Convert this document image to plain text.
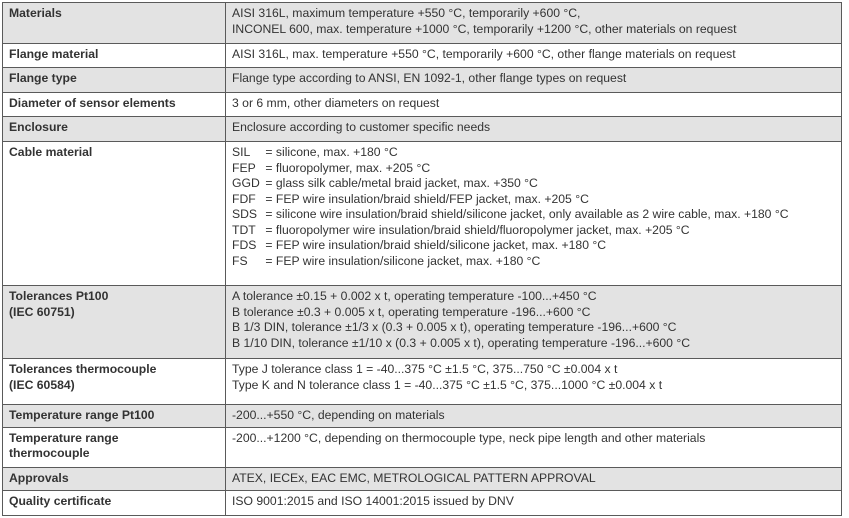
Materials	AISI 316L, maximum temperature +550 °C, temporarily +600 °C,
INCONEL 600, max. temperature +1000 °C, temporarily +1200 °C, other materials on request

Flange material	AISI 316L, max. temperature +550 °C, temporarily +600 °C, other flange materials on request

Flange type	Flange type according to ANSI, EN 1092-1, other flange types on request

Diameter of sensor elements	3 or 6 mm, other diameters on request

Enclosure	Enclosure according to customer specific needs

Cable material	SIL = silicone, max. +180 °C
FEP = fluoropolymer, max. +205 °C
GGD = glass silk cable/metal braid jacket, max. +350 °C
FDF = FEP wire insulation/braid shield/FEP jacket, max. +205 °C
SDS = silicone wire insulation/braid shield/silicone jacket, only available as 2 wire cable, max. +180 °C
TDT = fluoropolymer wire insulation/braid shield/fluoropolymer jacket, max. +205 °C
FDS = FEP wire insulation/braid shield/silicone jacket, max. +180 °C
FS = FEP wire insulation/silicone jacket, max. +180 °C

Tolerances Pt100
(IEC 60751)	A tolerance ±0.15 + 0.002 x t, operating temperature -100...+450 °C
B tolerance ±0.3 + 0.005 x t, operating temperature -196...+600 °C
B 1/3 DIN, tolerance ±1/3 x (0.3 + 0.005 x t), operating temperature -196...+600 °C
B 1/10 DIN, tolerance ±1/10 x (0.3 + 0.005 x t), operating temperature -196...+600 °C

Tolerances thermocouple
(IEC 60584)	Type J tolerance class 1 = -40...375 °C ±1.5 °C, 375...750 °C ±0.004 x t
Type K and N tolerance class 1 = -40...375 °C ±1.5 °C, 375...1000 °C ±0.004 x t

Temperature range Pt100	-200...+550 °C, depending on materials

Temperature range
thermocouple	-200...+1200 °C, depending on thermocouple type, neck pipe length and other materials

Approvals	ATEX, IECEx, EAC EMC, METROLOGICAL PATTERN APPROVAL

Quality certificate	ISO 9001:2015 and ISO 14001:2015 issued by DNV
